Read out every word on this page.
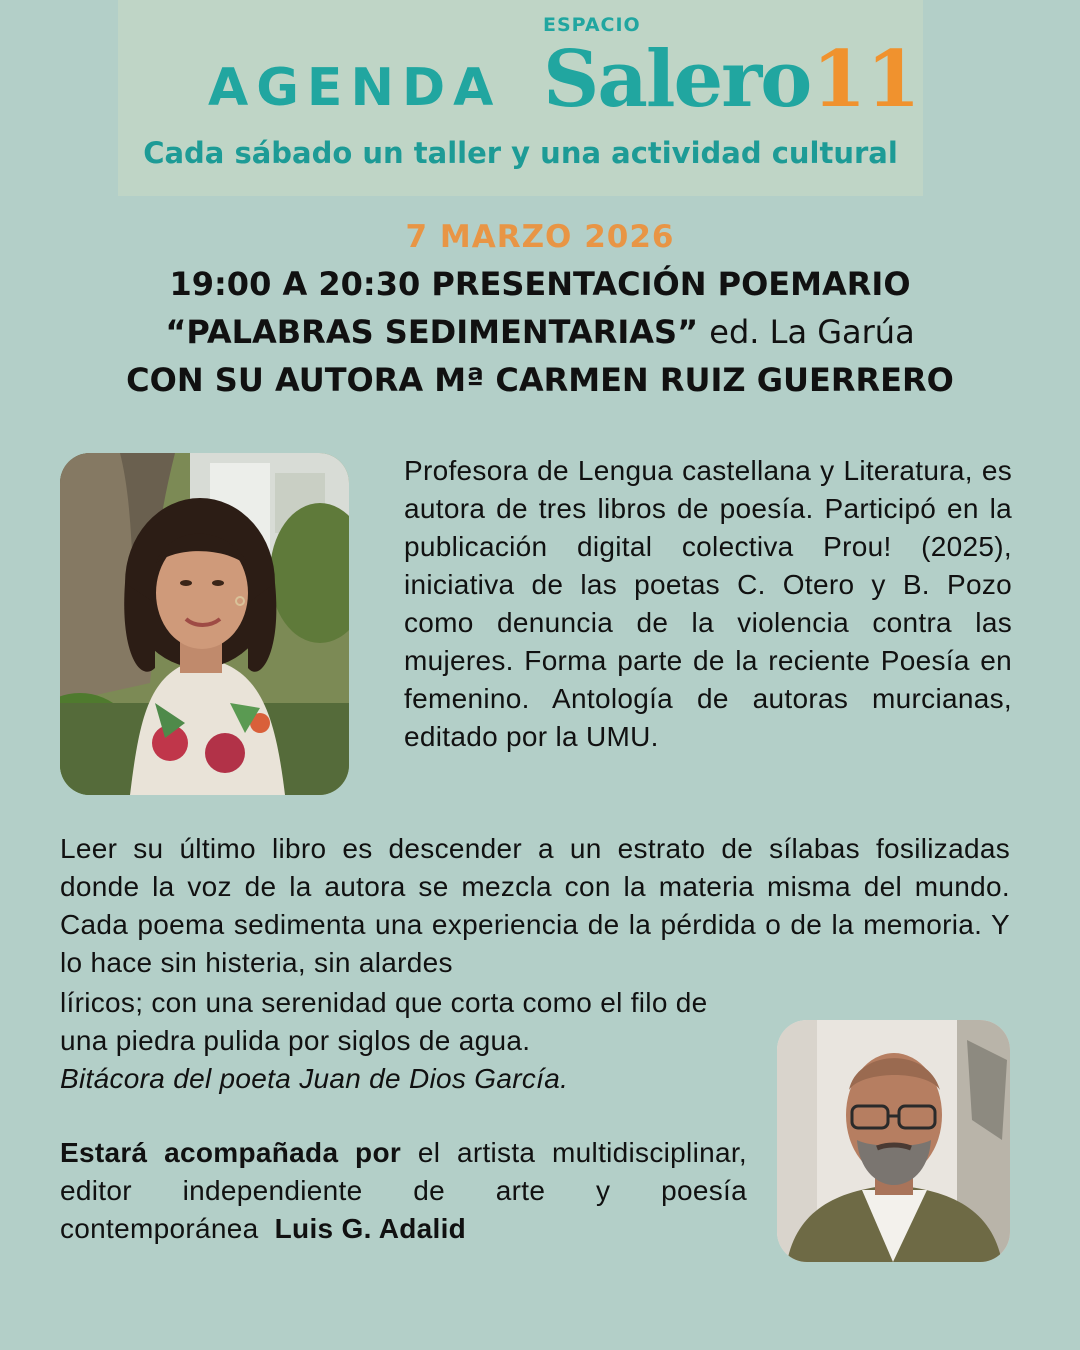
ESPACIO
AGENDA Salero 11
Cada sábado un taller y una actividad cultural
7 MARZO 2026
19:00 A 20:30 PRESENTACIÓN POEMARIO
“PALABRAS SEDIMENTARIAS” ed. La Garúa
CON SU AUTORA Mª CARMEN RUIZ GUERRERO
Profesora de Lengua castellana y Literatura, es autora de tres libros de poesía. Participó en la publicación digital colectiva Prou! (2025), iniciativa de las poetas C. Otero y B. Pozo como denuncia de la violencia contra las mujeres. Forma parte de la reciente Poesía en femenino. Antología de autoras murcianas, editado por la UMU.
Leer su último libro es descender a un estrato de sílabas fosilizadas donde la voz de la autora se mezcla con la materia misma del mundo. Cada poema sedimenta una experiencia de la pérdida o de la memoria. Y lo hace sin histeria, sin alardes
líricos; con una serenidad que corta como el filo de una piedra pulida por siglos de agua.
Bitácora del poeta Juan de Dios García.
Estará acompañada por el artista multidisciplinar, editor independiente de arte y poesía contemporánea Luis G. Adalid
